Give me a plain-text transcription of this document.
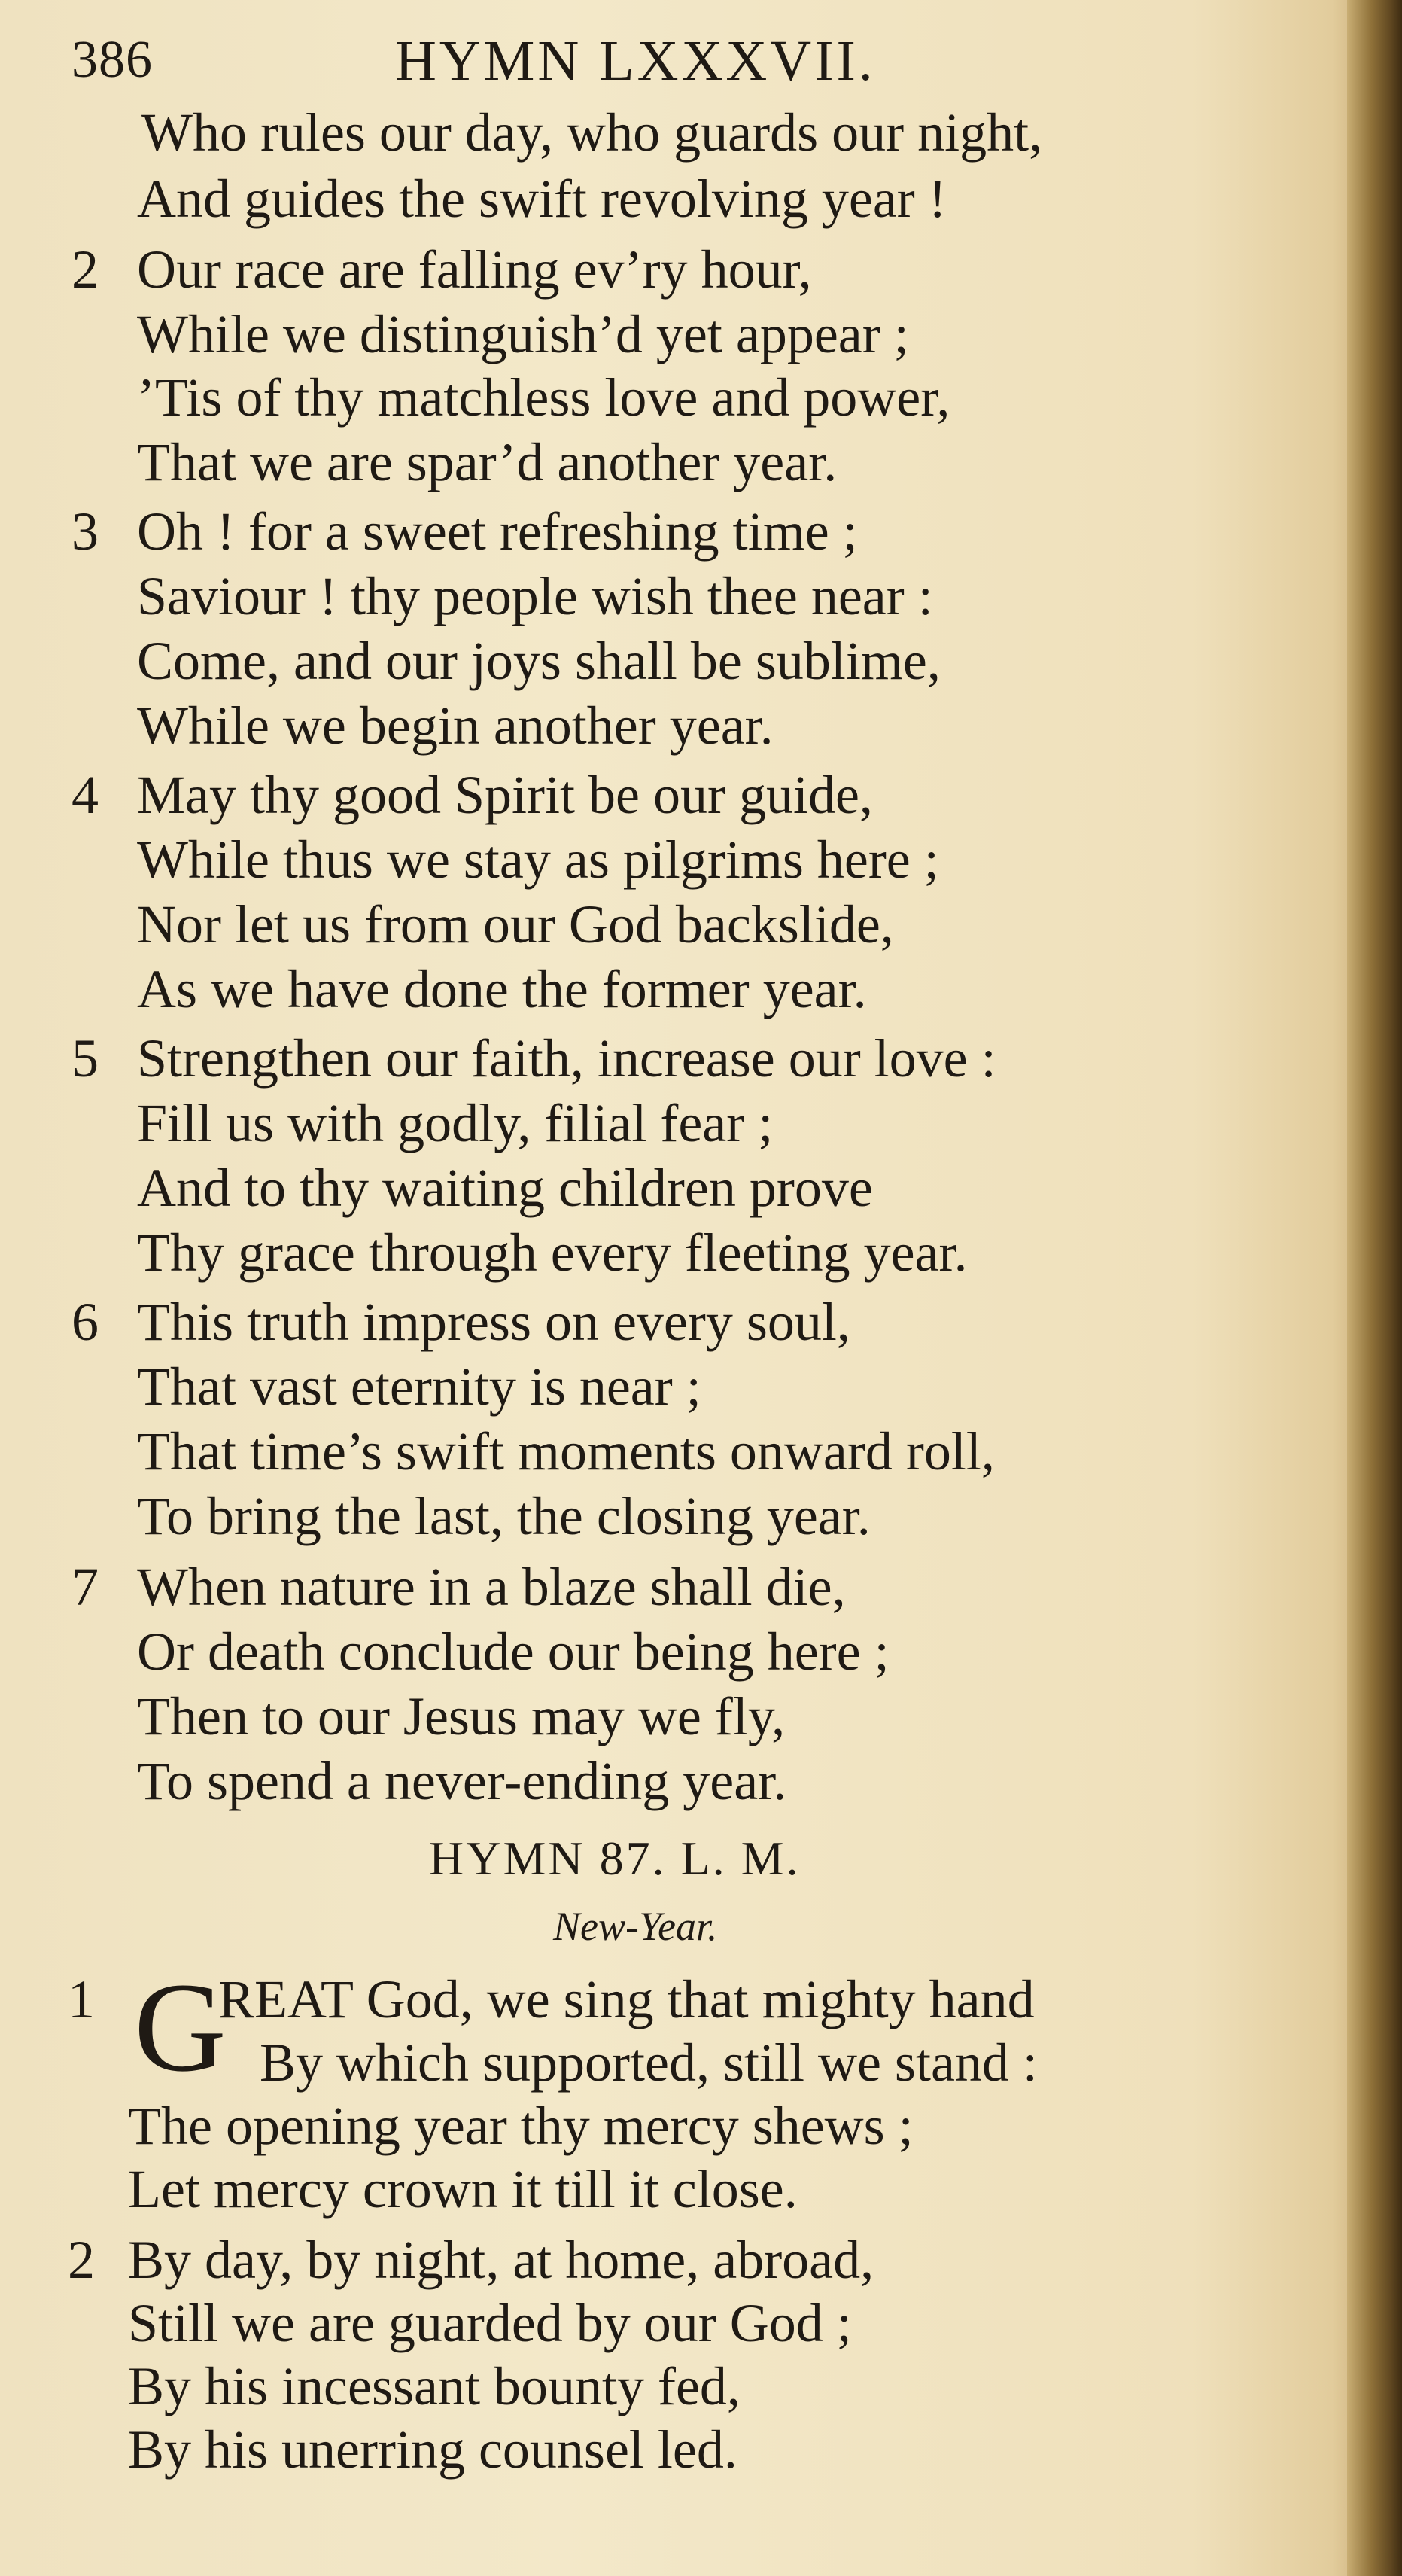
386	HYMN LXXXVII.
Who rules our day, who guards our night,
And guides the swift revolving year !
2 Our race are falling ev’ry hour,
While we distinguish’d yet appear ;
’Tis of thy matchless love and power,
That we are spar’d another year.
3 Oh ! for a sweet refreshing time ;
Saviour ! thy people wish thee near :
Come, and our joys shall be sublime,
While we begin another year.
4 May thy good Spirit be our guide,
While thus we stay as pilgrims here ;
Nor let us from our God backslide,
As we have done the former year.
5 Strengthen our faith, increase our love :
Fill us with godly, filial fear ;
And to thy waiting children prove
Thy grace through every fleeting year.
6 This truth impress on every soul,
That vast eternity is near ;
That time’s swift moments onward roll,
To bring the last, the closing year.
7 When nature in a blaze shall die,
Or death conclude our being here ;
Then to our Jesus may we fly,
To spend a never-ending year.
HYMN 87. L. M.
New-Year.
1 G
REAT God, we sing that mighty hand
By which supported, still we stand :
The opening year thy mercy shews ;
Let mercy crown it till it close.
2 By day, by night, at home, abroad,
Still we are guarded by our God ;
By his incessant bounty fed,
By his unerring counsel led.
